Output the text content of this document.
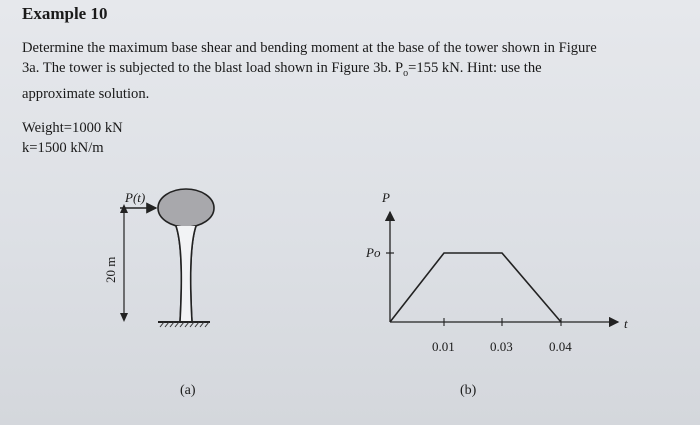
Example 10
Determine the maximum base shear and bending moment at the base of the tower shown in Figure
3a. The tower is subjected to the blast load shown in Figure 3b. $P_o=155$ kN. Hint: use the
approximate solution.
Weight=1000 kN
k=1500 kN/m
P(t)
20 m
(a)
P
Po
t
0.01	0.03	0.04
(b)
